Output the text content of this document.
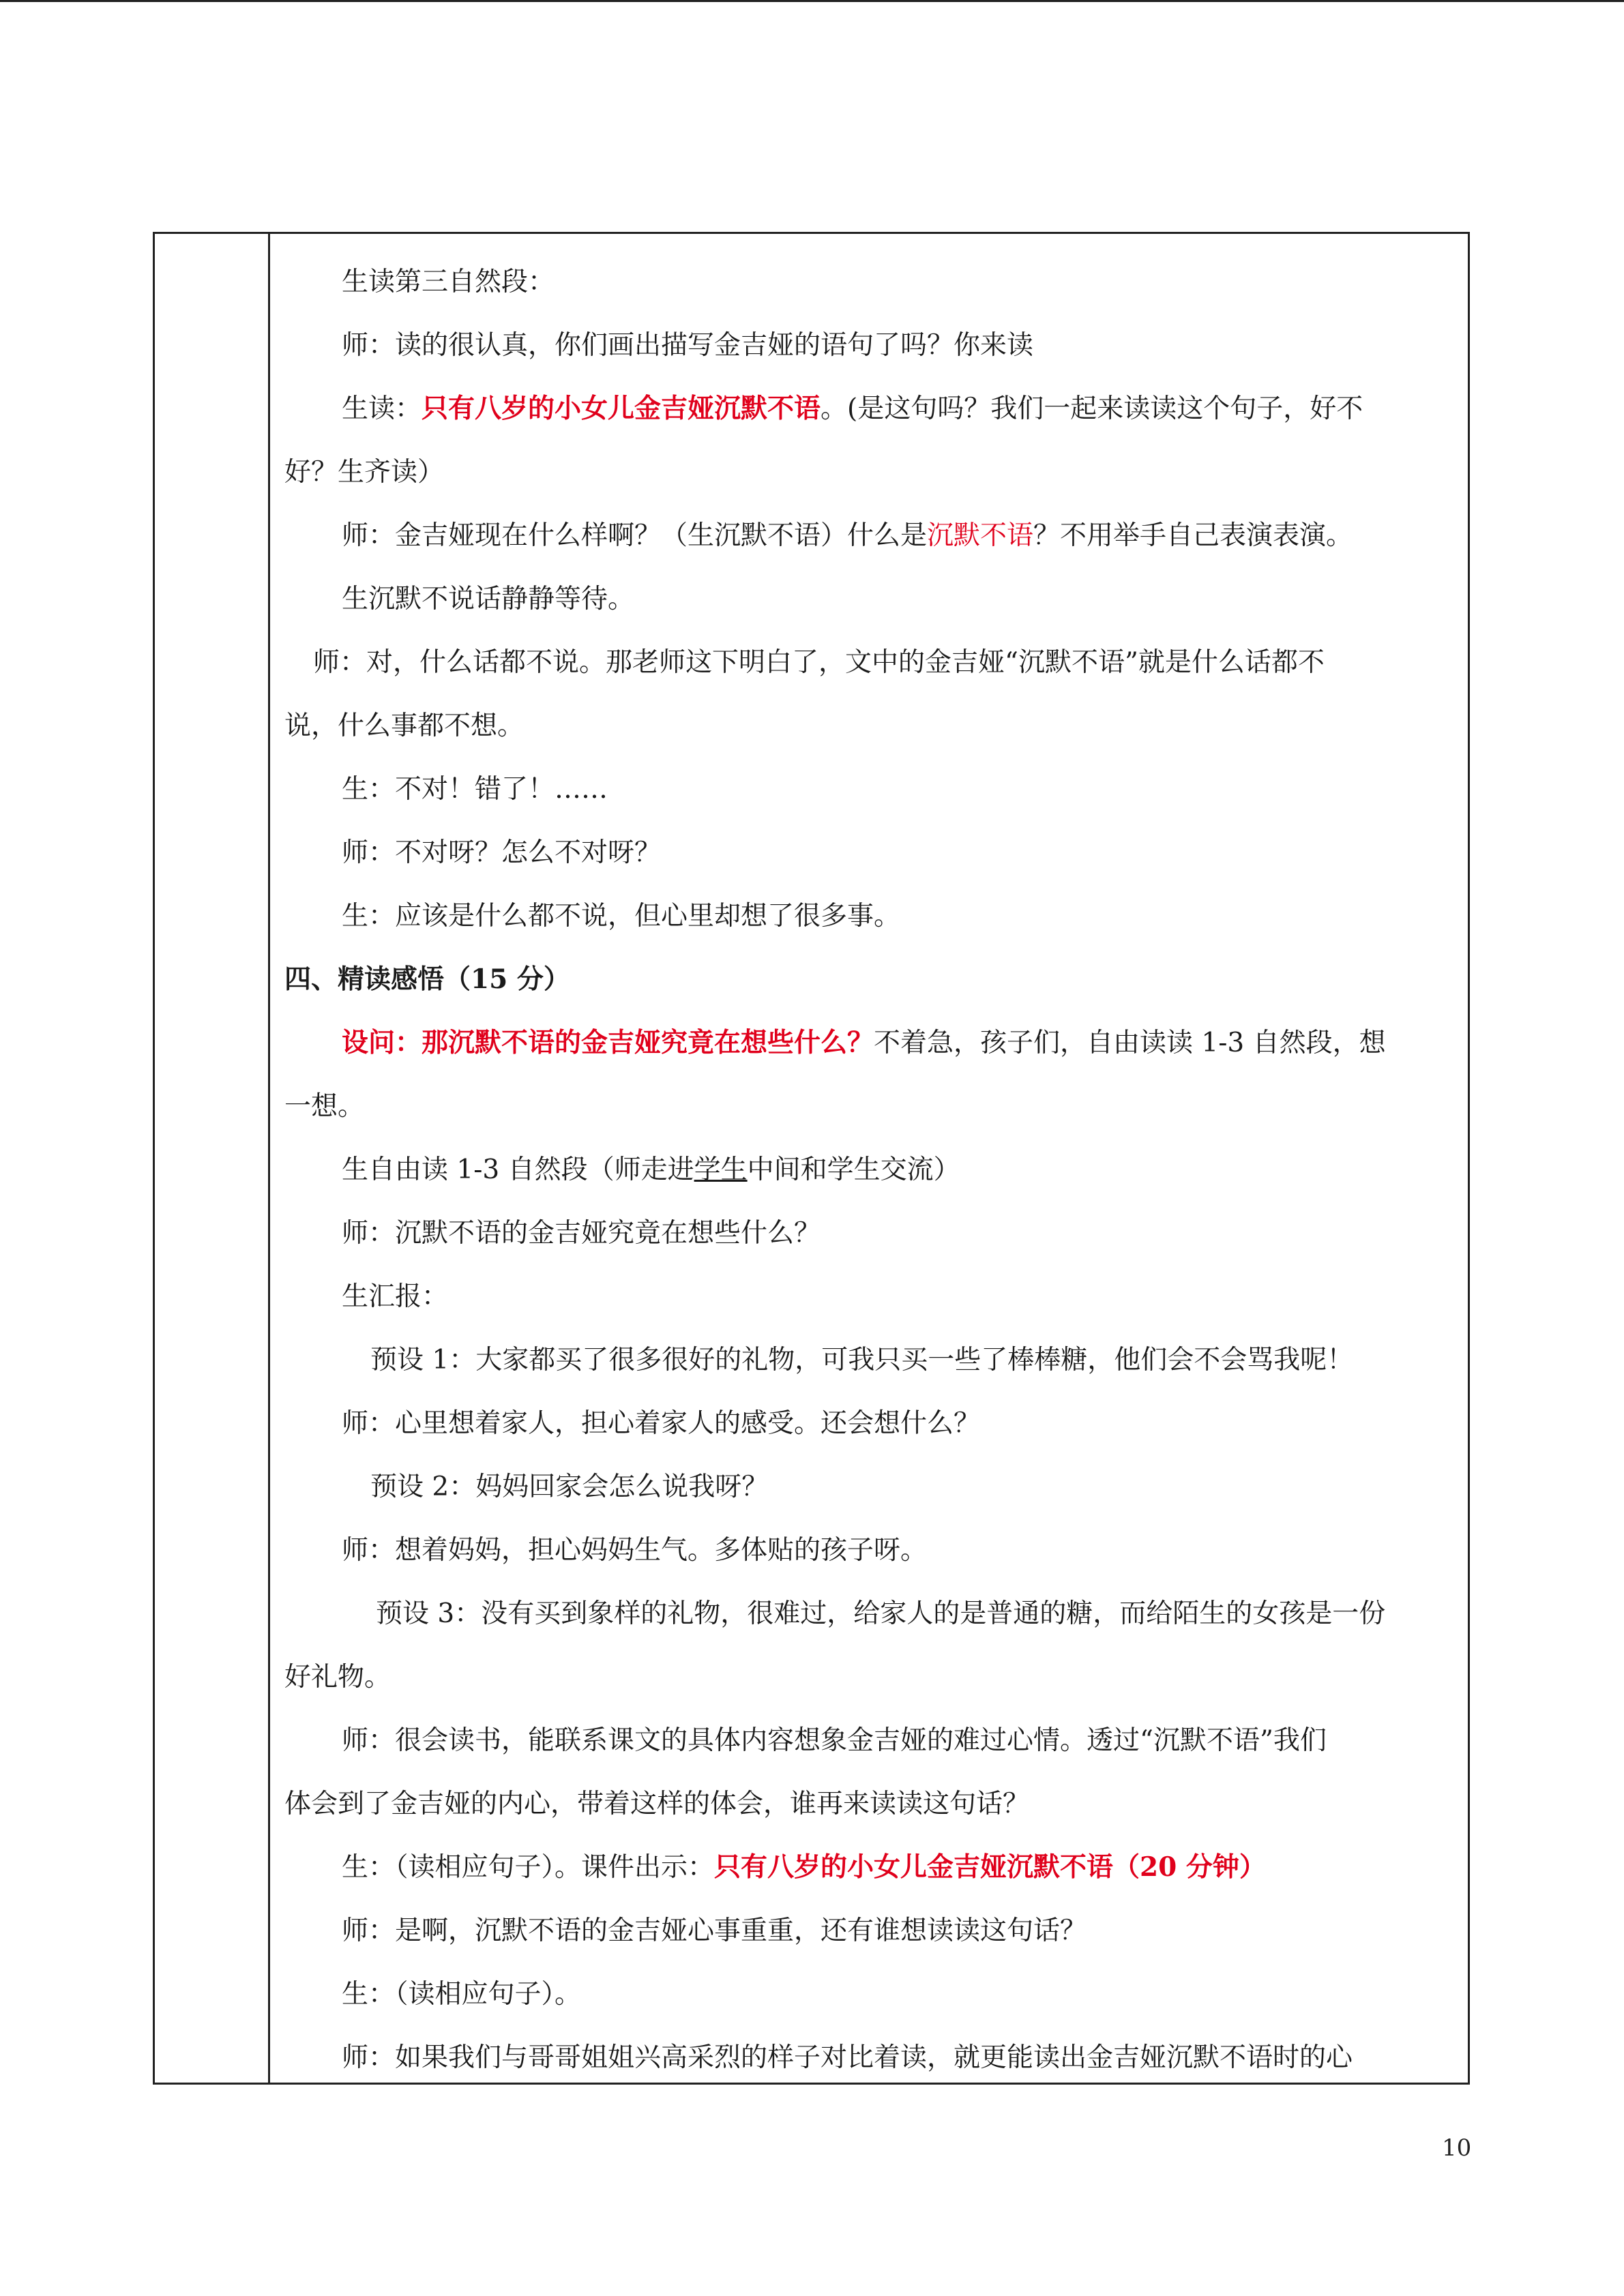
生读第三自然段：
师：读的很认真，你们画出描写金吉娅的语句了吗？你来读
生读：只有八岁的小女儿金吉娅沉默不语。(是这句吗？我们一起来读读这个句子，好不
好？生齐读）
师：金吉娅现在什么样啊？（生沉默不语）什么是沉默不语？不用举手自己表演表演。
生沉默不说话静静等待。
师：对，什么话都不说。那老师这下明白了，文中的金吉娅“沉默不语”就是什么话都不
说，什么事都不想。
生：不对！错了！……
师：不对呀？怎么不对呀？
生：应该是什么都不说，但心里却想了很多事。
四、精读感悟（15 分）
设问：那沉默不语的金吉娅究竟在想些什么？不着急，孩子们，自由读读 1-3 自然段，想
一想。
生自由读 1-3 自然段（师走进学生中间和学生交流）
师：沉默不语的金吉娅究竟在想些什么？
生汇报：
预设 1：大家都买了很多很好的礼物，可我只买一些了棒棒糖，他们会不会骂我呢！
师：心里想着家人，担心着家人的感受。还会想什么？
预设 2：妈妈回家会怎么说我呀？
师：想着妈妈，担心妈妈生气。多体贴的孩子呀。
预设 3：没有买到象样的礼物，很难过，给家人的是普通的糖，而给陌生的女孩是一份
好礼物。
师：很会读书，能联系课文的具体内容想象金吉娅的难过心情。透过“沉默不语”我们
体会到了金吉娅的内心，带着这样的体会，谁再来读读这句话？
生：（读相应句子）。课件出示：只有八岁的小女儿金吉娅沉默不语（20 分钟）
师：是啊，沉默不语的金吉娅心事重重，还有谁想读读这句话？
生：（读相应句子）。
师：如果我们与哥哥姐姐兴高采烈的样子对比着读，就更能读出金吉娅沉默不语时的心
10
